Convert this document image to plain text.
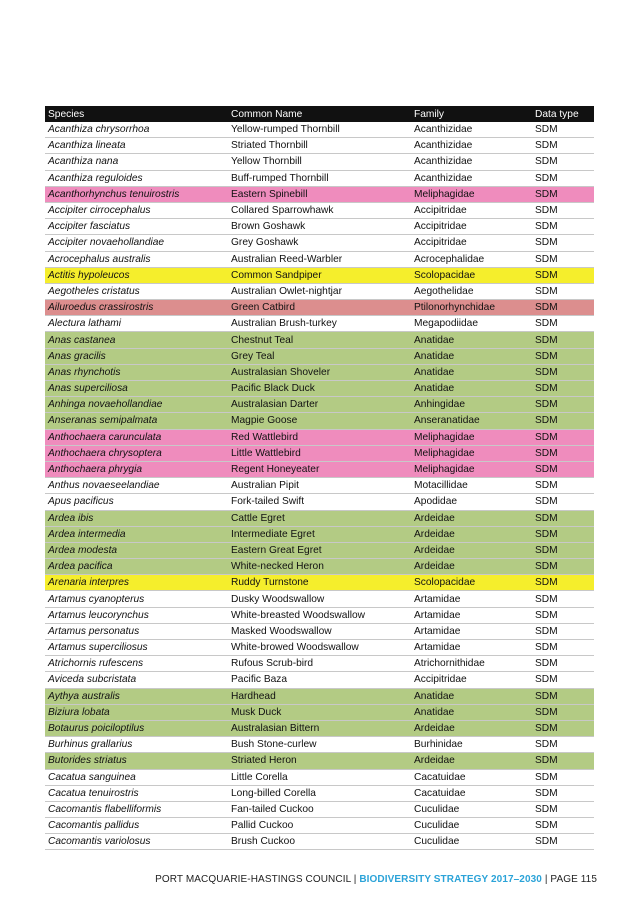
Species	Common Name	Family	Data type
Acanthiza chrysorrhoa	Yellow-rumped Thornbill	Acanthizidae	SDM
Acanthiza lineata	Striated Thornbill	Acanthizidae	SDM
Acanthiza nana	Yellow Thornbill	Acanthizidae	SDM
Acanthiza reguloides	Buff-rumped Thornbill	Acanthizidae	SDM
Acanthorhynchus tenuirostris	Eastern Spinebill	Meliphagidae	SDM
Accipiter cirrocephalus	Collared Sparrowhawk	Accipitridae	SDM
Accipiter fasciatus	Brown Goshawk	Accipitridae	SDM
Accipiter novaehollandiae	Grey Goshawk	Accipitridae	SDM
Acrocephalus australis	Australian Reed-Warbler	Acrocephalidae	SDM
Actitis hypoleucos	Common Sandpiper	Scolopacidae	SDM
Aegotheles cristatus	Australian Owlet-nightjar	Aegothelidae	SDM
Ailuroedus crassirostris	Green Catbird	Ptilonorhynchidae	SDM
Alectura lathami	Australian Brush-turkey	Megapodiidae	SDM
Anas castanea	Chestnut Teal	Anatidae	SDM
Anas gracilis	Grey Teal	Anatidae	SDM
Anas rhynchotis	Australasian Shoveler	Anatidae	SDM
Anas superciliosa	Pacific Black Duck	Anatidae	SDM
Anhinga novaehollandiae	Australasian Darter	Anhingidae	SDM
Anseranas semipalmata	Magpie Goose	Anseranatidae	SDM
Anthochaera carunculata	Red Wattlebird	Meliphagidae	SDM
Anthochaera chrysoptera	Little Wattlebird	Meliphagidae	SDM
Anthochaera phrygia	Regent Honeyeater	Meliphagidae	SDM
Anthus novaeseelandiae	Australian Pipit	Motacillidae	SDM
Apus pacificus	Fork-tailed Swift	Apodidae	SDM
Ardea ibis	Cattle Egret	Ardeidae	SDM
Ardea intermedia	Intermediate Egret	Ardeidae	SDM
Ardea modesta	Eastern Great Egret	Ardeidae	SDM
Ardea pacifica	White-necked Heron	Ardeidae	SDM
Arenaria interpres	Ruddy Turnstone	Scolopacidae	SDM
Artamus cyanopterus	Dusky Woodswallow	Artamidae	SDM
Artamus leucorynchus	White-breasted Woodswallow	Artamidae	SDM
Artamus personatus	Masked Woodswallow	Artamidae	SDM
Artamus superciliosus	White-browed Woodswallow	Artamidae	SDM
Atrichornis rufescens	Rufous Scrub-bird	Atrichornithidae	SDM
Aviceda subcristata	Pacific Baza	Accipitridae	SDM
Aythya australis	Hardhead	Anatidae	SDM
Biziura lobata	Musk Duck	Anatidae	SDM
Botaurus poiciloptilus	Australasian Bittern	Ardeidae	SDM
Burhinus grallarius	Bush Stone-curlew	Burhinidae	SDM
Butorides striatus	Striated Heron	Ardeidae	SDM
Cacatua sanguinea	Little Corella	Cacatuidae	SDM
Cacatua tenuirostris	Long-billed Corella	Cacatuidae	SDM
Cacomantis flabelliformis	Fan-tailed Cuckoo	Cuculidae	SDM
Cacomantis pallidus	Pallid Cuckoo	Cuculidae	SDM
Cacomantis variolosus	Brush Cuckoo	Cuculidae	SDM
PORT MACQUARIE-HASTINGS COUNCIL | BIODIVERSITY STRATEGY 2017–2030 | PAGE 115
